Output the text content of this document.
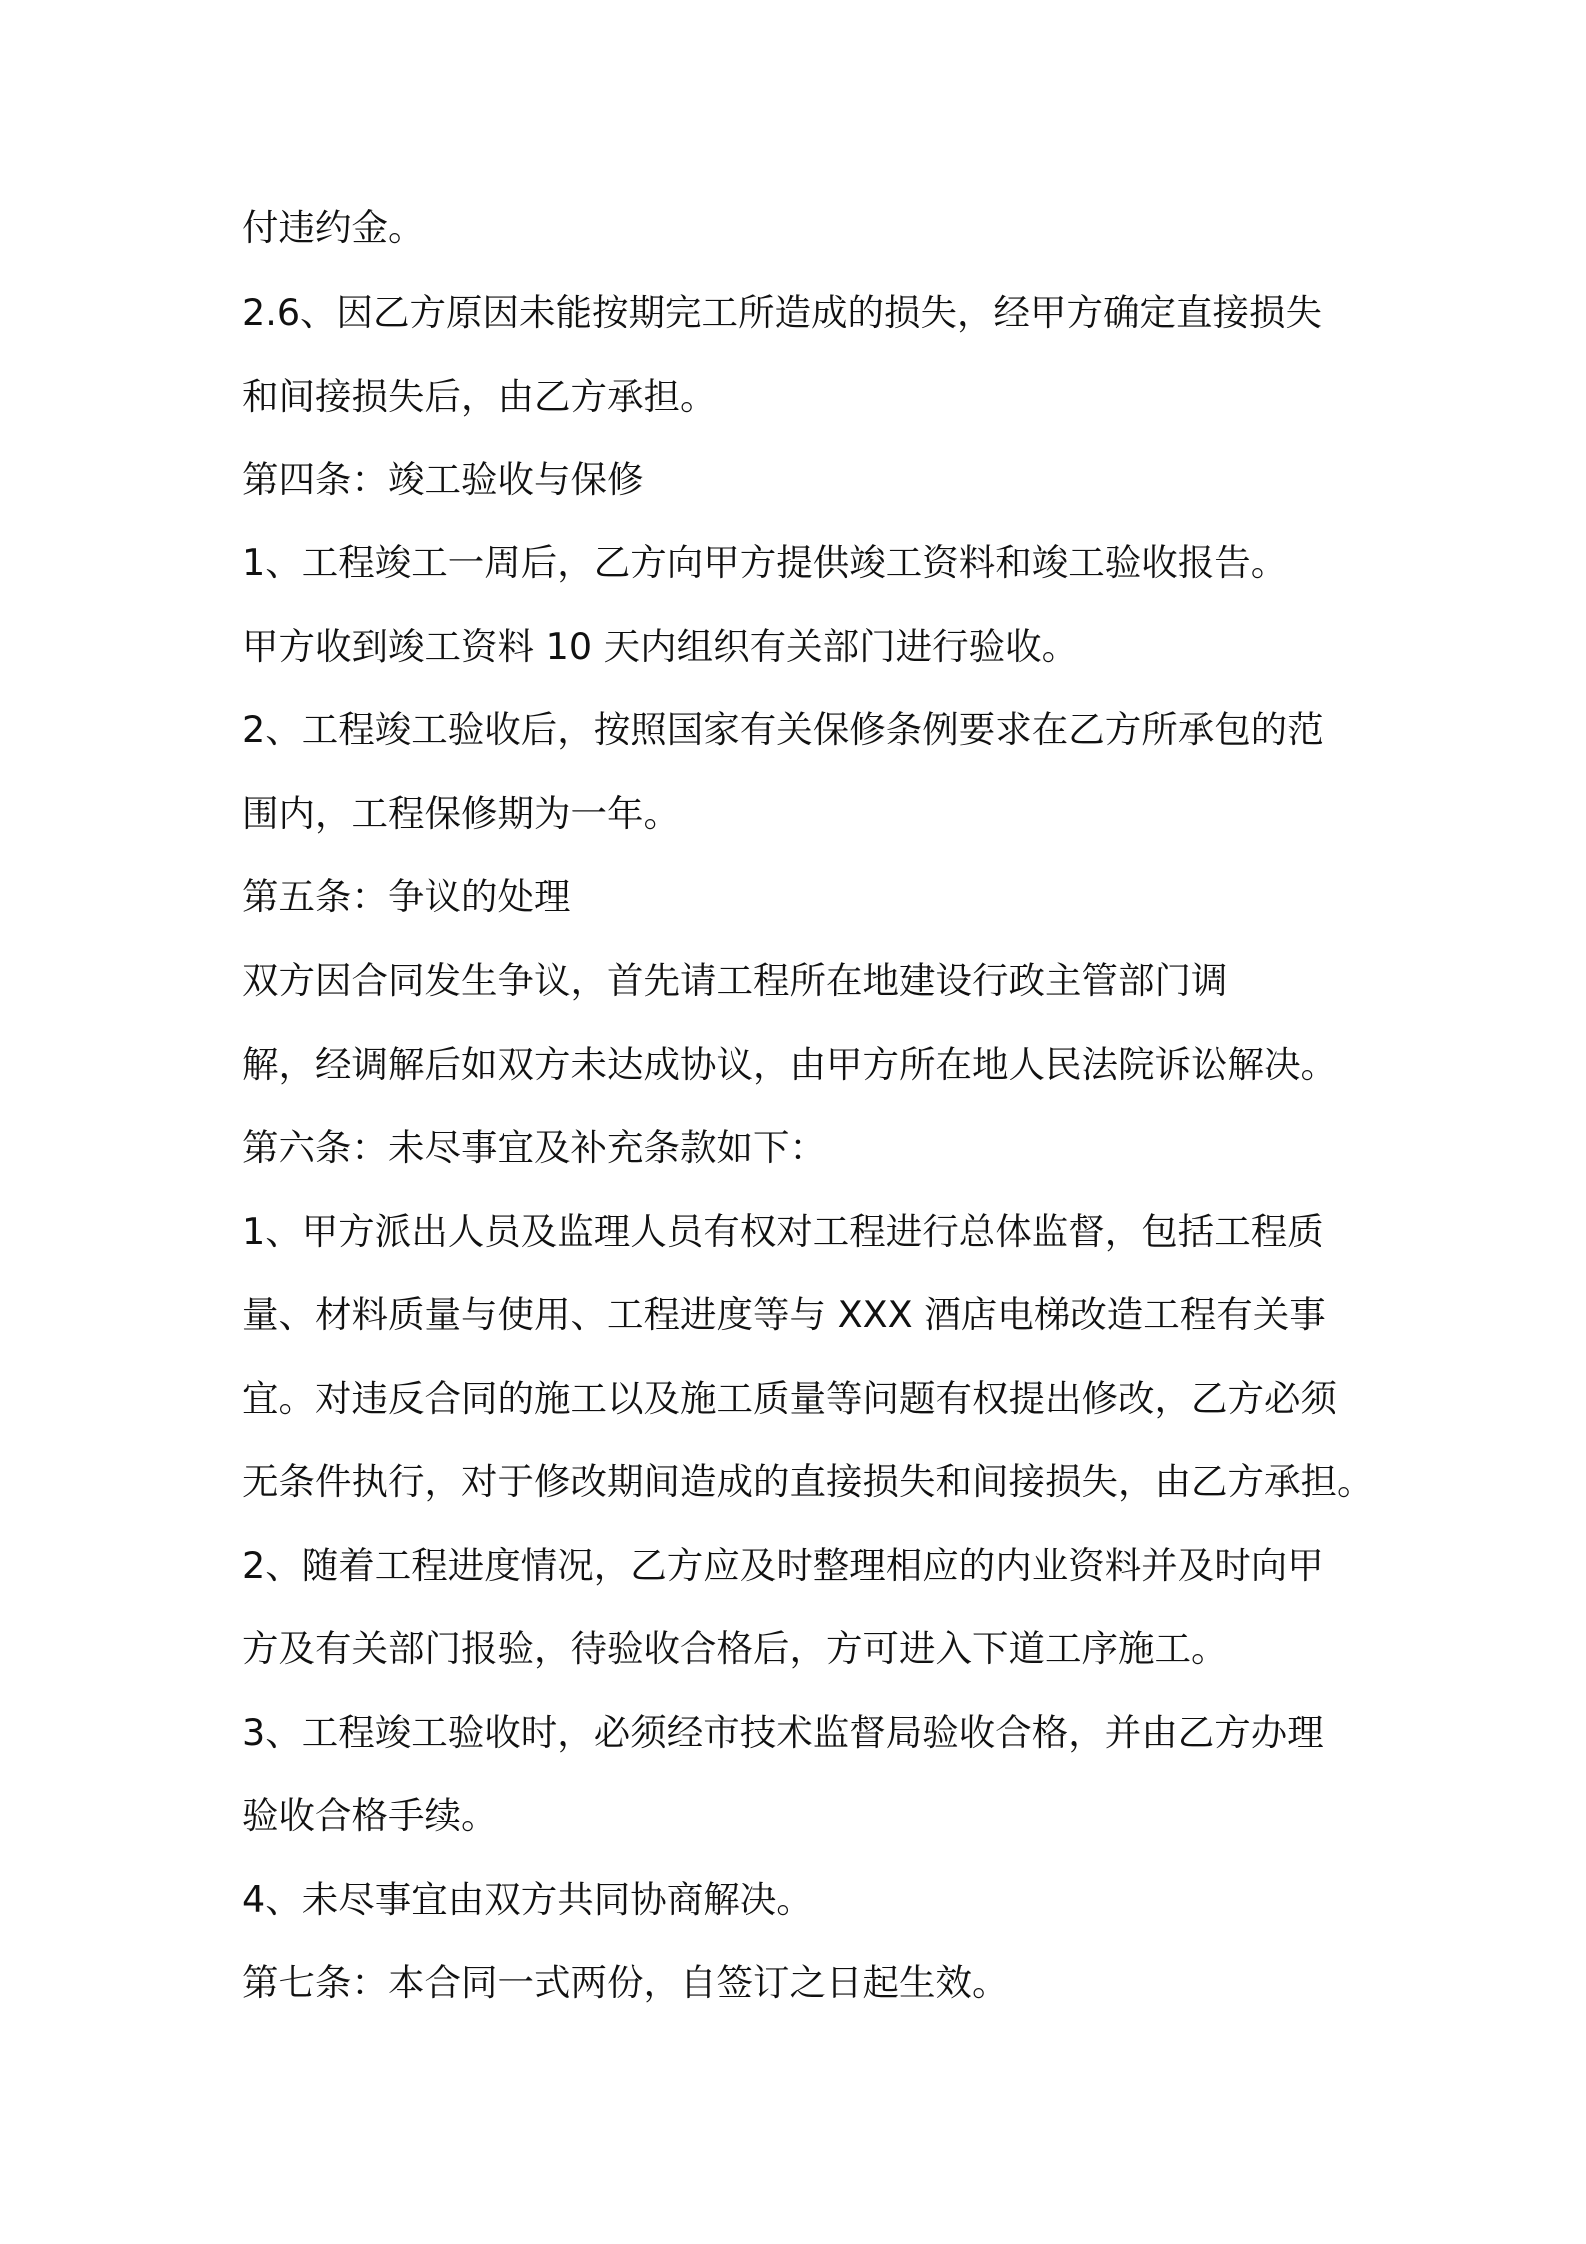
付违约金。
2.6、因乙方原因未能按期完工所造成的损失，经甲方确定直接损失
和间接损失后，由乙方承担。
第四条：竣工验收与保修
1、工程竣工一周后，乙方向甲方提供竣工资料和竣工验收报告。
甲方收到竣工资料 10 天内组织有关部门进行验收。
2、工程竣工验收后，按照国家有关保修条例要求在乙方所承包的范
围内，工程保修期为一年。
第五条：争议的处理
双方因合同发生争议，首先请工程所在地建设行政主管部门调
解，经调解后如双方未达成协议，由甲方所在地人民法院诉讼解决。
第六条：未尽事宜及补充条款如下：
1、甲方派出人员及监理人员有权对工程进行总体监督，包括工程质
量、材料质量与使用、工程进度等与 XXX 酒店电梯改造工程有关事
宜。对违反合同的施工以及施工质量等问题有权提出修改，乙方必须
无条件执行，对于修改期间造成的直接损失和间接损失，由乙方承担。
2、随着工程进度情况，乙方应及时整理相应的内业资料并及时向甲
方及有关部门报验，待验收合格后，方可进入下道工序施工。
3、工程竣工验收时，必须经市技术监督局验收合格，并由乙方办理
验收合格手续。
4、未尽事宜由双方共同协商解决。
第七条：本合同一式两份，自签订之日起生效。
